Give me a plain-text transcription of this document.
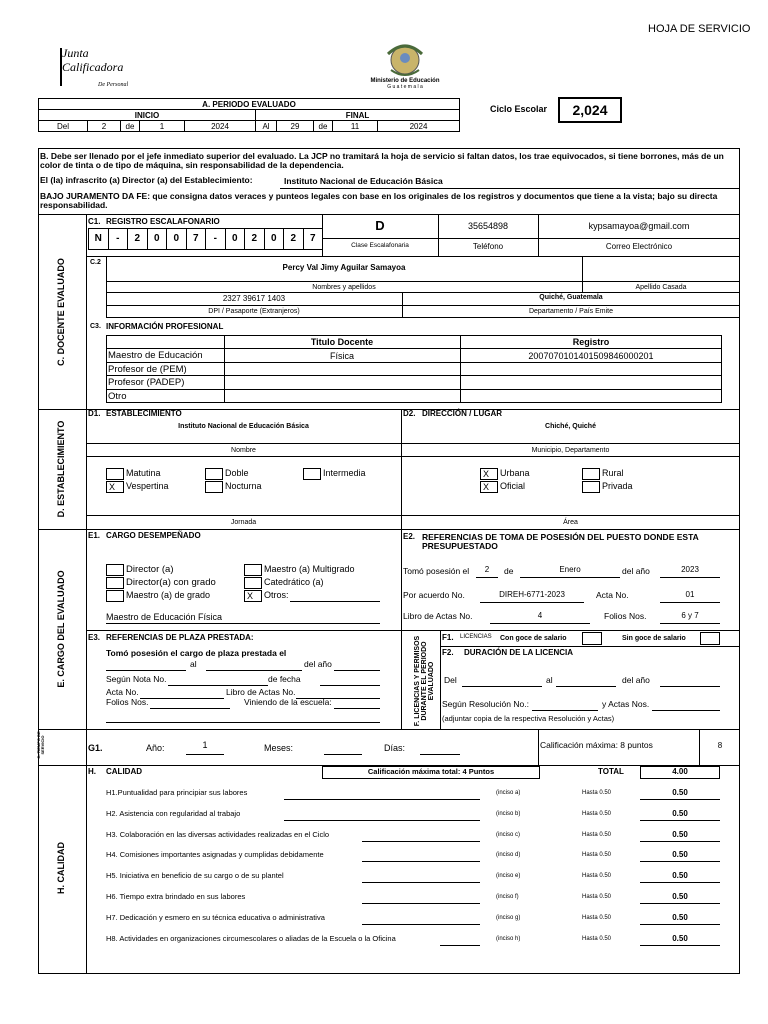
HOJA DE SERVICIO
Junta
Calificadora
De Personal
Ministerio de Educación
G u a t e m a l a
A. PERIODO EVALUADO									
INICIO					FINAL				
Del	2	de	1	2024	Al	29	de	11	2024
Ciclo Escolar	2,024
B. Debe ser llenado por el jefe inmediato superior del evaluado. La JCP no tramitará la hoja de servicio si faltan datos, los trae equivocados, si tiene borrones, más de un color de tinta o de tipo de máquina, sin responsabilidad de la dependencia.
El (la) infrascrito (a) Director (a) del Establecimiento:	Instituto Nacional de Educación Básica
BAJO JURAMENTO DA FE: que consigna datos veraces y punteos legales con base en los originales de los registros y documentos que tiene a la vista; bajo su directa responsabilidad.
C. DOCENTE EVALUADO
C1. REGISTRO ESCALAFONARIO
N	-	2	0	0	7	-	0	2	0	2	7
D
Clase Escalafonaria
35654898
Teléfono
kypsamayoa@gmail.com
Correo Electrónico
C.2
Percy Val Jimy Aguilar Samayoa
Nombres y apellidos	Apellido Casada
2327 39617 1403	Quiché, Guatemala
DPI / Pasaporte (Extranjeros)	Departamento / País Emite
C3. INFORMACIÓN PROFESIONAL
Titulo Docente	Registro
Maestro de Educación	Física	2007070101401509846000201
Profesor de (PEM)
Profesor (PADEP)
Otro
D. ESTABLECIMIENTO
D1. ESTABLECIMIENTO	D2. DIRECCIÓN / LUGAR
Instituto Nacional de Educación Básica	Chiché, Quiché
Nombre	Municipio, Departamento
Matutina
X	Vespertina
Doble
Nocturna
Intermedia	X	Urbana
X	Oficial
Rural
Privada
Jornada	Área
E. CARGO DEL EVALUADO
E1. CARGO DESEMPEÑADO
Director (a)
Director(a) con grado
Maestro (a) de grado
Maestro (a) Multigrado
Catedrático (a)
X	Otros:
Maestro de Educación Física
E2. REFERENCIAS DE TOMA DE POSESIÓN DEL PUESTO DONDE ESTA PRESUPUESTADO
Tomó posesión el	2	de	Enero	del año	2023
Por acuerdo No.	DIREH-6771-2023	Acta No.	01
Libro de Actas No.	4	Folios Nos.	6 y 7
E3. REFERENCIAS DE PLAZA PRESTADA:
Tomó posesión el cargo de plaza prestada el
al	del año
Según Nota No.	de fecha
Acta No.	Libro de Actas No.
Folios Nos.	Viniendo de la escuela:	F. LICENCIAS Y PERMISOS DURANTE EL PERIODO EVALUADO
F1. LICENCIAS Con goce de salario	Sin goce de salario
F2. DURACIÓN DE LA LICENCIA
Del	al	del año
Según Resolución No.:	y Actas Nos.
(adjuntar copia de la respectiva Resolución y Actas)
G. TIEMPO DE SERVICIO	G1.	Año:	1	Meses:	Días:	Calificación máxima: 8 puntos	8
H. CALIDAD
H. CALIDAD	Calificación máxima total: 4 Puntos	TOTAL	4.00
H1.Puntualidad para principiar sus labores	(inciso a)	Hasta 0.50	0.50
H2. Asistencia con regularidad al trabajo	(inciso b)	Hasta 0.50	0.50
H3. Colaboración en las diversas actividades realizadas en el Ciclo	(inciso c)	Hasta 0.50	0.50
H4. Comisiones importantes asignadas y cumplidas debidamente	(inciso d)	Hasta 0.50	0.50
H5. Iniciativa en beneficio de su cargo o de su plantel	(inciso e)	Hasta 0.50	0.50
H6. Tiempo extra brindado en sus labores	(inciso f)	Hasta 0.50	0.50
H7. Dedicación y esmero en su técnica educativa o administrativa	(inciso g)	Hasta 0.50	0.50
H8. Actividades en organizaciones circumescolares o aliadas de la Escuela o la Oficina	(inciso h)	Hasta 0.50	0.50
